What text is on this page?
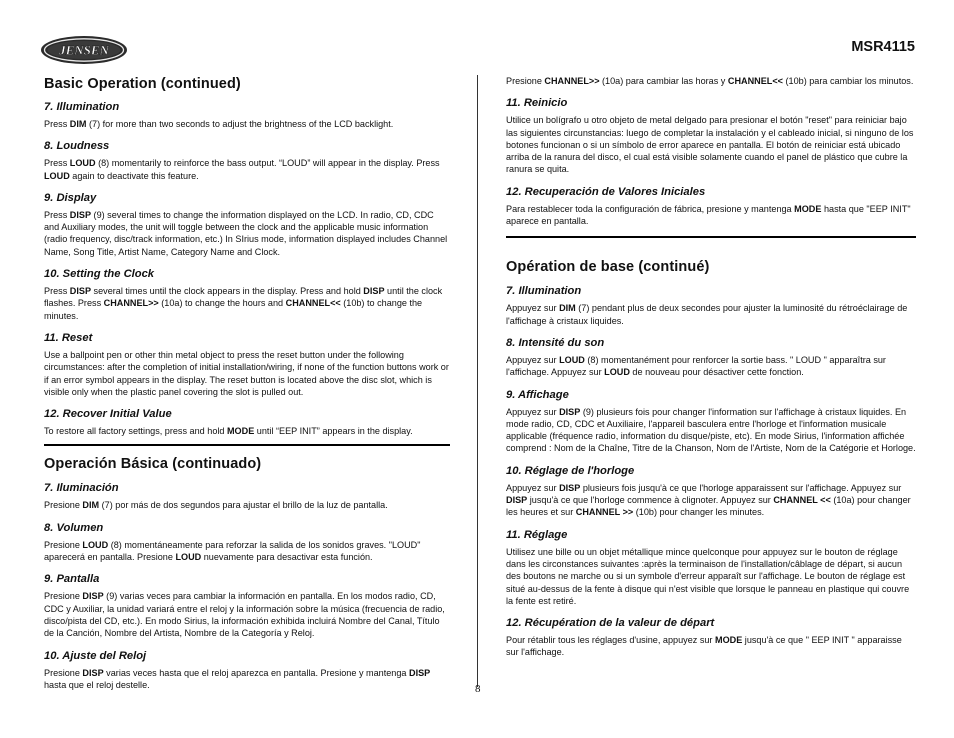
JENSEN	MSR4115
Basic Operation (continued)
7. Illumination

Press DIM (7) for more than two seconds to adjust the brightness of the LCD backlight.

8. Loudness

Press LOUD (8) momentarily to reinforce the bass output. “LOUD” will appear in the display. Press LOUD again to deactivate this feature.

9. Display

Press DISP (9) several times to change the information displayed on the LCD. In radio, CD, CDC and Auxiliary modes, the unit will toggle between the clock and the applicable music information (radio frequency, disc/track information, etc.) In SIrius mode, information displayed includes Channel Name, Song Title, Artist Name, Category Name and Clock.

10. Setting the Clock

Press DISP several times until the clock appears in the display. Press and hold DISP until the clock flashes. Press CHANNEL>> (10a) to change the hours and CHANNEL<< (10b) to change the minutes.

11. Reset

Use a ballpoint pen or other thin metal object to press the reset button under the following circumstances: after the completion of initial installation/wiring, if none of the function buttons work or if an error symbol appears in the display. The reset button is located above the disc slot, which is visible only when the plastic panel covering the slot is pulled out.

12. Recover Initial Value

To restore all factory settings, press and hold MODE until “EEP INIT” appears in the display.

Operación Básica (continuado)
7. Iluminación

Presione DIM (7) por más de dos segundos para ajustar el brillo de la luz de pantalla.

8. Volumen

Presione LOUD (8) momentáneamente para reforzar la salida de los sonidos graves. "LOUD" aparecerá en pantalla. Presione LOUD nuevamente para desactivar esta función.

9. Pantalla

Presione DISP (9) varias veces para cambiar la información en pantalla. En los modos radio, CD, CDC y Auxiliar, la unidad variará entre el reloj y la información sobre la música (frecuencia de radio, disco/pista del CD, etc.). En modo Sirius, la información exhibida incluirá Nombre del Canal, Título de la Canción, Nombre del Artista, Nombre de la Categoría y Reloj.

10. Ajuste del Reloj

Presione DISP varias veces hasta que el reloj aparezca en pantalla. Presione y mantenga DISP hasta que el reloj destelle.

Presione CHANNEL>> (10a) para cambiar las horas y CHANNEL<< (10b) para cambiar los minutos.

11. Reinicio

Utilice un bolígrafo u otro objeto de metal delgado para presionar el botón "reset" para reiniciar bajo las siguientes circunstancias: luego de completar la instalación y el cableado inicial, si ninguno de los botones funcionan o si un símbolo de error aparece en pantalla. El botón de reiniciar está ubicado arriba de la ranura del disco, el cual está visible solamente cuando el panel de plástico que cubre la ranura se quita.

12. Recuperación de Valores Iniciales

Para restablecer toda la configuración de fábrica, presione y mantenga MODE hasta que "EEP INIT" aparece en pantalla.

Opération de base (continué)
7. Illumination

Appuyez sur DIM (7) pendant plus de deux secondes pour ajuster la luminosité du rétroéclairage de l'affichage à cristaux liquides.

8. Intensité du son

Appuyez sur LOUD (8) momentanément pour renforcer la sortie bass. " LOUD " apparaîtra sur l'affichage. Appuyez sur LOUD de nouveau pour désactiver cette fonction.

9. Affichage

Appuyez sur DISP (9) plusieurs fois pour changer l'information sur l'affichage à cristaux liquides. En mode radio, CD, CDC et Auxiliaire, l'appareil basculera entre l'horloge et l'information musicale applicable (fréquence radio, information du disque/piste, etc). En mode Sirius, l'information affichée comprend : Nom de la Chaîne, Titre de la Chanson, Nom de l'Artiste, Nom de la Catégorie et Horloge.

10. Réglage de l'horloge

Appuyez sur DISP plusieurs fois jusqu'à ce que l'horloge apparaissent sur l'affichage. Appuyez sur DISP jusqu'à ce que l'horloge commence à clignoter. Appuyez sur CHANNEL << (10a) pour changer les heures et sur CHANNEL >> (10b) pour changer les minutes.

11. Réglage

Utilisez une bille ou un objet métallique mince quelconque pour appuyez sur le bouton de réglage dans les circonstances suivantes :après la terminaison de l'installation/câblage de départ, si aucun des boutons ne marche ou si un symbole d'erreur apparaît sur l'affichage. Le bouton de réglage est situé au-dessus de la fente à disque qui n'est visible que lorsque le panneau en plastique qui couvre la fente est retiré.

12. Récupération de la valeur de départ

Pour rétablir tous les réglages d'usine, appuyez sur MODE jusqu'à ce que " EEP INIT " apparaisse sur l'affichage.

8
